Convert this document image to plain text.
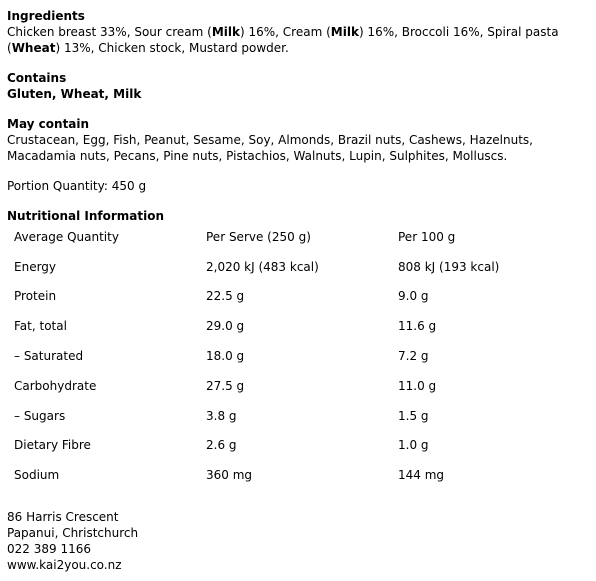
Ingredients
Chicken breast 33%, Sour cream (Milk) 16%, Cream (Milk) 16%, Broccoli 16%, Spiral pasta (Wheat) 13%, Chicken stock, Mustard powder.
Contains
Gluten, Wheat, Milk
May contain
Crustacean, Egg, Fish, Peanut, Sesame, Soy, Almonds, Brazil nuts, Cashews, Hazelnuts, Macadamia nuts, Pecans, Pine nuts, Pistachios, Walnuts, Lupin, Sulphites, Molluscs.
Portion Quantity: 450 g
Nutritional Information
Average Quantity	Per Serve (250 g)	Per 100 g
Energy	2,020 kJ (483 kcal)	808 kJ (193 kcal)
Protein	22.5 g	9.0 g
Fat, total	29.0 g	11.6 g
– Saturated	18.0 g	7.2 g
Carbohydrate	27.5 g	11.0 g
– Sugars	3.8 g	1.5 g
Dietary Fibre	2.6 g	1.0 g
Sodium	360 mg	144 mg
86 Harris Crescent
Papanui, Christchurch
022 389 1166
www.kai2you.co.nz
